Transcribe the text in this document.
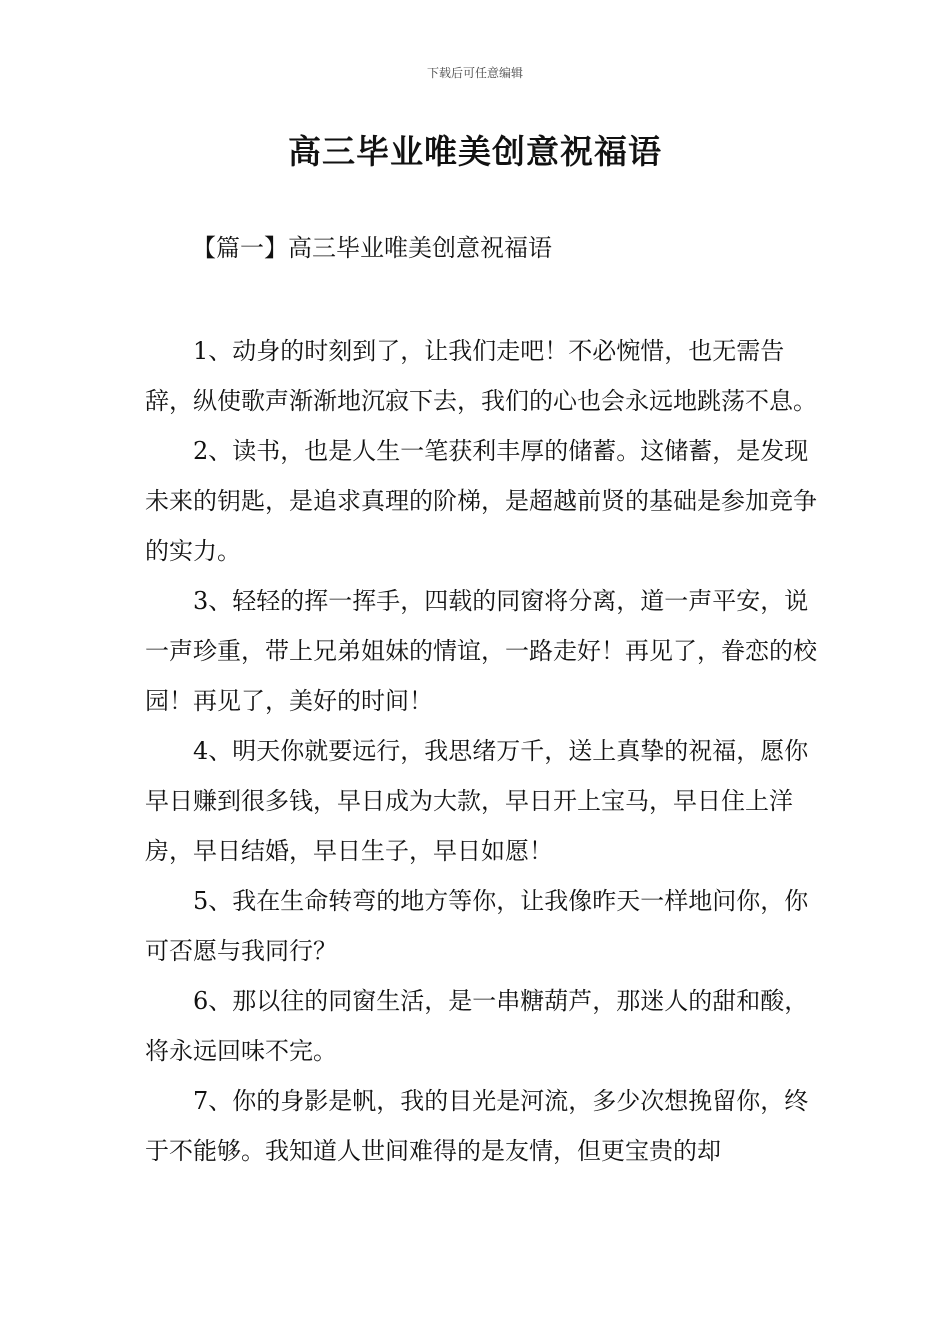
下载后可任意编辑
高三毕业唯美创意祝福语
【篇一】高三毕业唯美创意祝福语

1、动身的时刻到了，让我们走吧！不必惋惜，也无需告辞，纵使歌声渐渐地沉寂下去，我们的心也会永远地跳荡不息。

2、读书，也是人生一笔获利丰厚的储蓄。这储蓄，是发现未来的钥匙，是追求真理的阶梯，是超越前贤的基础是参加竞争的实力。

3、轻轻的挥一挥手，四载的同窗将分离，道一声平安，说一声珍重，带上兄弟姐妹的情谊，一路走好！再见了，眷恋的校园！再见了，美好的时间！

4、明天你就要远行，我思绪万千，送上真挚的祝福，愿你早日赚到很多钱，早日成为大款，早日开上宝马，早日住上洋房，早日结婚，早日生子，早日如愿！

5、我在生命转弯的地方等你，让我像昨天一样地问你，你可否愿与我同行？

6、那以往的同窗生活，是一串糖葫芦，那迷人的甜和酸，将永远回味不完。

7、你的身影是帆，我的目光是河流，多少次想挽留你，终于不能够。我知道人世间难得的是友情，但更宝贵的却
